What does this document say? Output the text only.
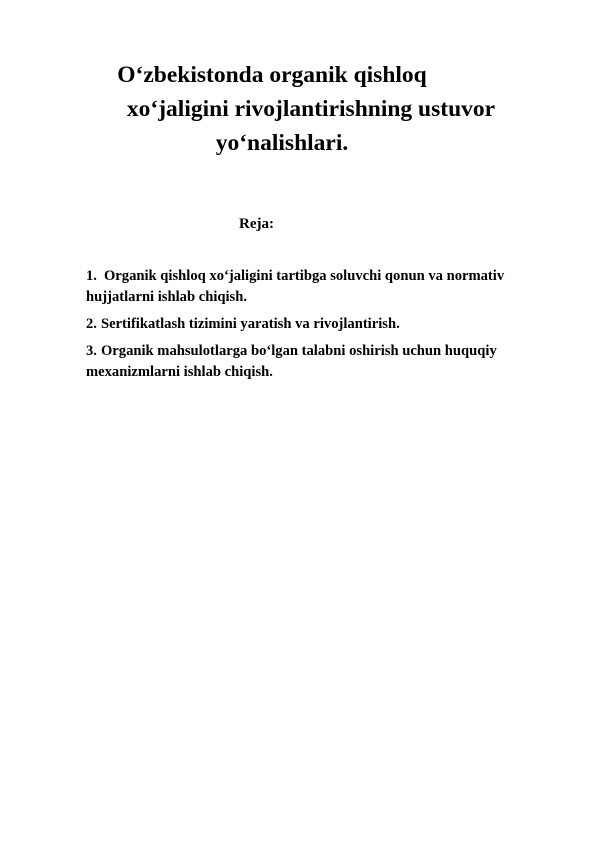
O‘zbekistonda organik qishloq
xo‘jaligini rivojlantirishning ustuvor
yo‘nalishlari.

Reja:

1. Organik qishloq xo‘jaligini tartibga soluvchi qonun va normativ hujjatlarni ishlab chiqish.
2. Sertifikatlash tizimini yaratish va rivojlantirish.
3. Organik mahsulotlarga bo‘lgan talabni oshirish uchun huquqiy mexanizmlarni ishlab chiqish.
